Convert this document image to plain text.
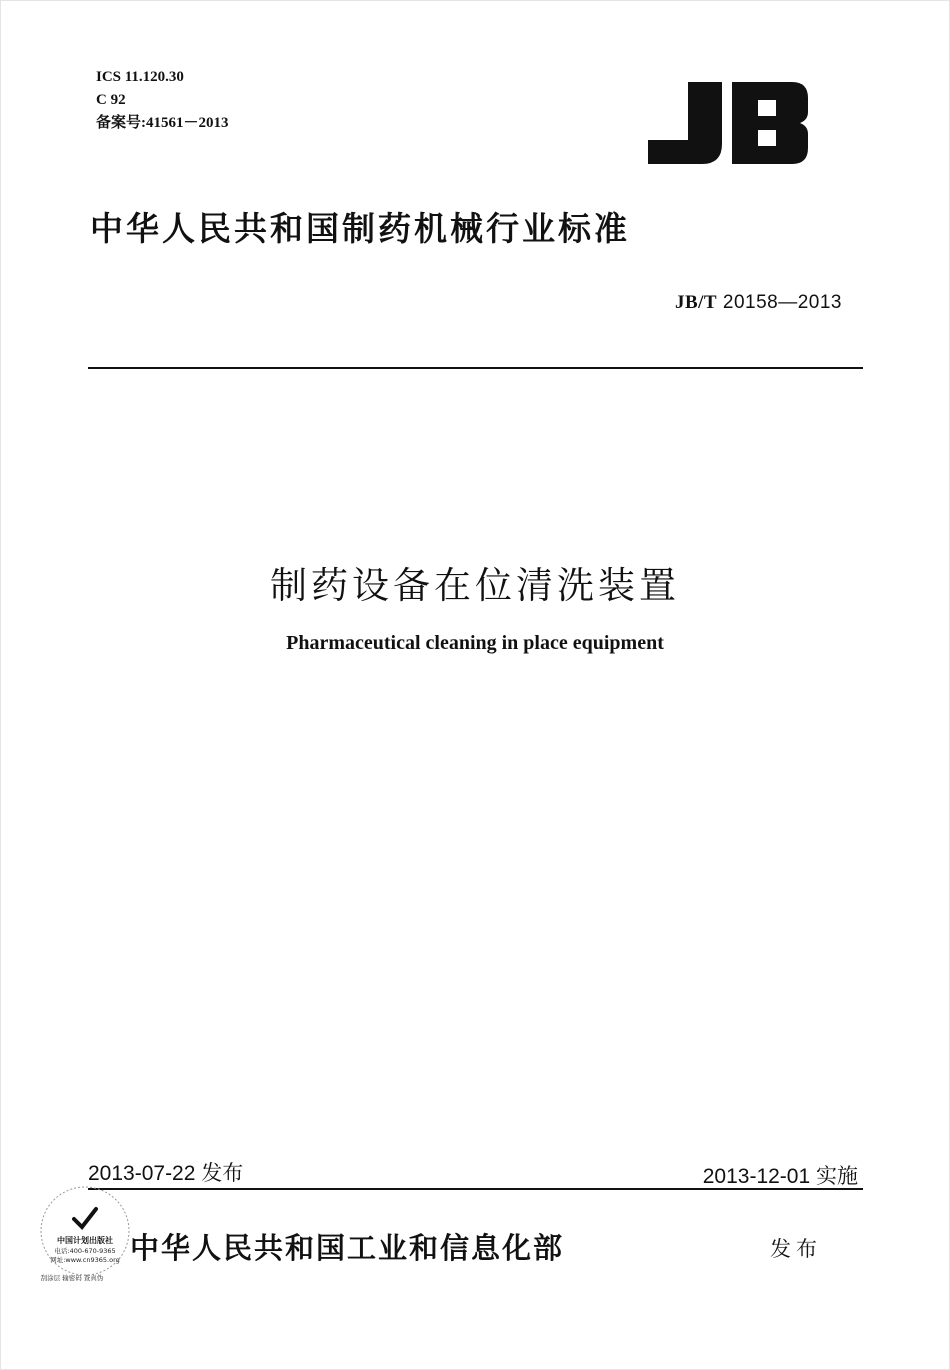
ICS 11.120.30
C 92
备案号:41561－2013
中华人民共和国制药机械行业标准
JB/T 20158—2013
制药设备在位清洗装置
Pharmaceutical cleaning in place equipment
2013-07-22 发布	2013-12-01 实施
中国计划出版社
电话:400-670-9365
网址:www.cn9365.org
刮涂层 输密码 查真伪
中华人民共和国工业和信息化部	发布
